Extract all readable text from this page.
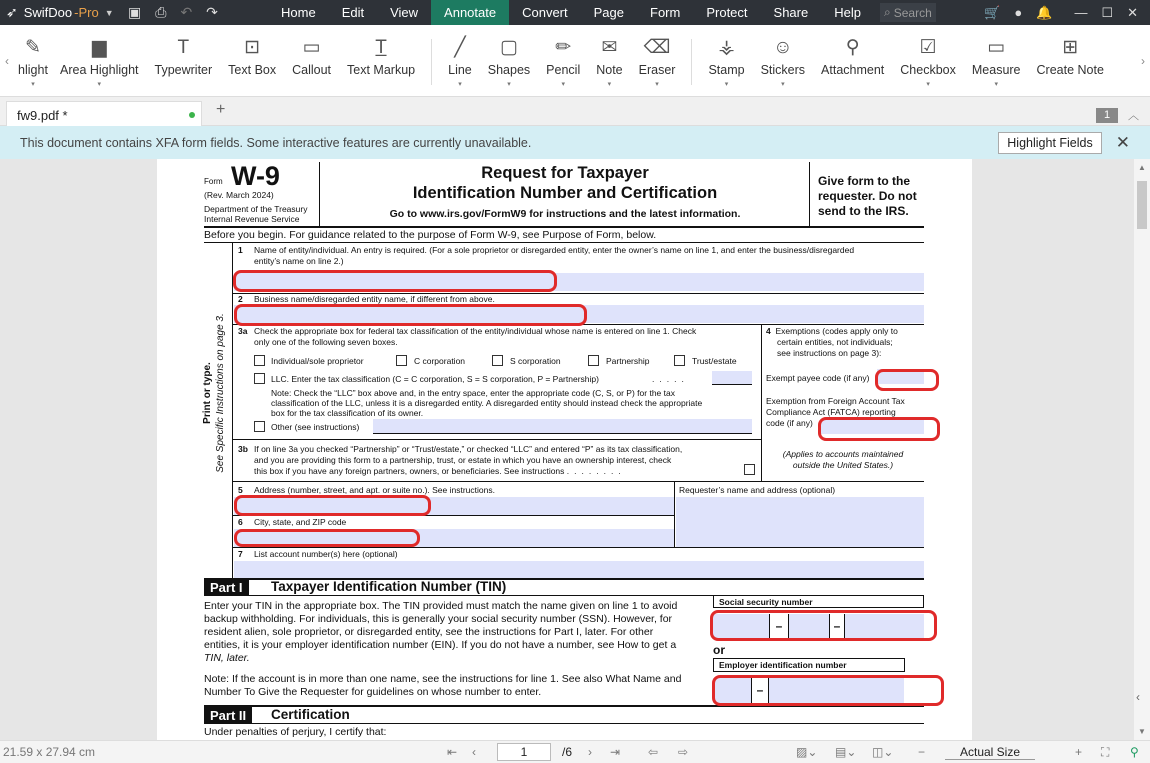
➶ SwifDoo -Pro ▼ ▣ ⎙ ↶ ↷	Home	Edit	View	Annotate	Convert	Page	Form	Protect	Share	Help	⌕ Search	🛒 ● 🔔 — ☐ ✕
‹
✎
hlight
▾
▆
Area Highlight
▾
T
Typewriter
⊡
Text Box
▭
Callout
T̲
Text Markup
╱
Line
▾
▢
Shapes
▾
✏
Pencil
▾
✉
Note
▾
⌫
Eraser
▾
⚶
Stamp
▾
☺
Stickers
▾
⚲
Attachment
☑
Checkbox
▾
▭
Measure
▾
⊞
Create Note
›
fw9.pdf *	+	1	︿
This document contains XFA form fields. Some interactive features are currently unavailable.	Highlight Fields	✕
Form W-9
(Rev. March 2024)
Department of the Treasury
Internal Revenue Service
Request for Taxpayer
Identification Number and Certification
Go to www.irs.gov/FormW9 for instructions and the latest information.
Give form to the
requester. Do not
send to the IRS.
Before you begin. For guidance related to the purpose of Form W-9, see Purpose of Form, below.
Print or type. See Specific Instructions on page 3.
1 Name of entity/individual. An entry is required. (For a sole proprietor or disregarded entity, enter the owner’s name on line 1, and enter the business/disregarded
entity’s name on line 2.)
2 Business name/disregarded entity name, if different from above.
3a Check the appropriate box for federal tax classification of the entity/individual whose name is entered on line 1. Check
only one of the following seven boxes.
Individual/sole proprietor	C corporation	S corporation	Partnership	Trust/estate
LLC. Enter the tax classification (C = C corporation, S = S corporation, P = Partnership)	.....
Note: Check the “LLC” box above and, in the entry space, enter the appropriate code (C, S, or P) for the tax
classification of the LLC, unless it is a disregarded entity. A disregarded entity should instead check the appropriate
box for the tax classification of its owner.
Other (see instructions)
4 Exemptions (codes apply only to
certain entities, not individuals;
see instructions on page 3):
Exempt payee code (if any)
Exemption from Foreign Account Tax
Compliance Act (FATCA) reporting
code (if any)
(Applies to accounts maintained
outside the United States.)
3b If on line 3a you checked “Partnership” or “Trust/estate,” or checked “LLC” and entered “P” as its tax classification,
and you are providing this form to a partnership, trust, or estate in which you have an ownership interest, check
this box if you have any foreign partners, owners, or beneficiaries. See instructions ........
5 Address (number, street, and apt. or suite no.). See instructions.	Requester’s name and address (optional)
6 City, state, and ZIP code
7 List account number(s) here (optional)
Part I	Taxpayer Identification Number (TIN)
Enter your TIN in the appropriate box. The TIN provided must match the name given on line 1 to avoid
backup withholding. For individuals, this is generally your social security number (SSN). However, for
resident alien, sole proprietor, or disregarded entity, see the instructions for Part I, later. For other
entities, it is your employer identification number (EIN). If you do not have a number, see How to get a
TIN, later.
Note: If the account is in more than one name, see the instructions for line 1. See also What Name and
Number To Give the Requester for guidelines on whose number to enter.
Social security number
–	–
or
Employer identification number
–
Part II	Certification
Under penalties of perjury, I certify that:
▲
▼
‹
21.59 x 27.94 cm	⇤ ‹	1	/6 › ⇥ ⇦ ⇨	▨⌄ ▤⌄ ◫⌄ −	Actual Size	+ ⛶ ⚲
